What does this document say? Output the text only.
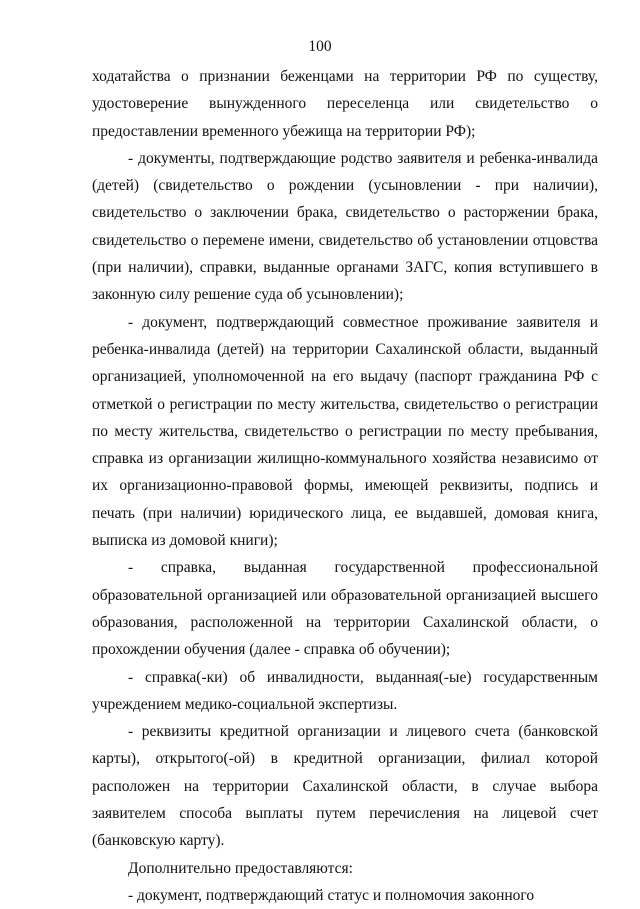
100

ходатайства о признании беженцами на территории РФ по существу, удостоверение вынужденного переселенца или свидетельство о предоставлении временного убежища на территории РФ);

- документы, подтверждающие родство заявителя и ребенка-инвалида (детей) (свидетельство о рождении (усыновлении - при наличии), свидетельство о заключении брака, свидетельство о расторжении брака, свидетельство о перемене имени, свидетельство об установлении отцовства (при наличии), справки, выданные органами ЗАГС, копия вступившего в законную силу решение суда об усыновлении);

- документ, подтверждающий совместное проживание заявителя и ребенка-инвалида (детей) на территории Сахалинской области, выданный организацией, уполномоченной на его выдачу (паспорт гражданина РФ с отметкой о регистрации по месту жительства, свидетельство о регистрации по месту жительства, свидетельство о регистрации по месту пребывания, справка из организации жилищно-коммунального хозяйства независимо от их организационно-правовой формы, имеющей реквизиты, подпись и печать (при наличии) юридического лица, ее выдавшей, домовая книга, выписка из домовой книги);

- справка, выданная государственной профессиональной образовательной организацией или образовательной организацией высшего образования, расположенной на территории Сахалинской области, о прохождении обучения (далее - справка об обучении);

- справка(-ки) об инвалидности, выданная(-ые) государственным учреждением медико-социальной экспертизы.

- реквизиты кредитной организации и лицевого счета (банковской карты), открытого(-ой) в кредитной организации, филиал которой расположен на территории Сахалинской области, в случае выбора заявителем способа выплаты путем перечисления на лицевой счет (банковскую карту).

Дополнительно предоставляются:

- документ, подтверждающий статус и полномочия законного
